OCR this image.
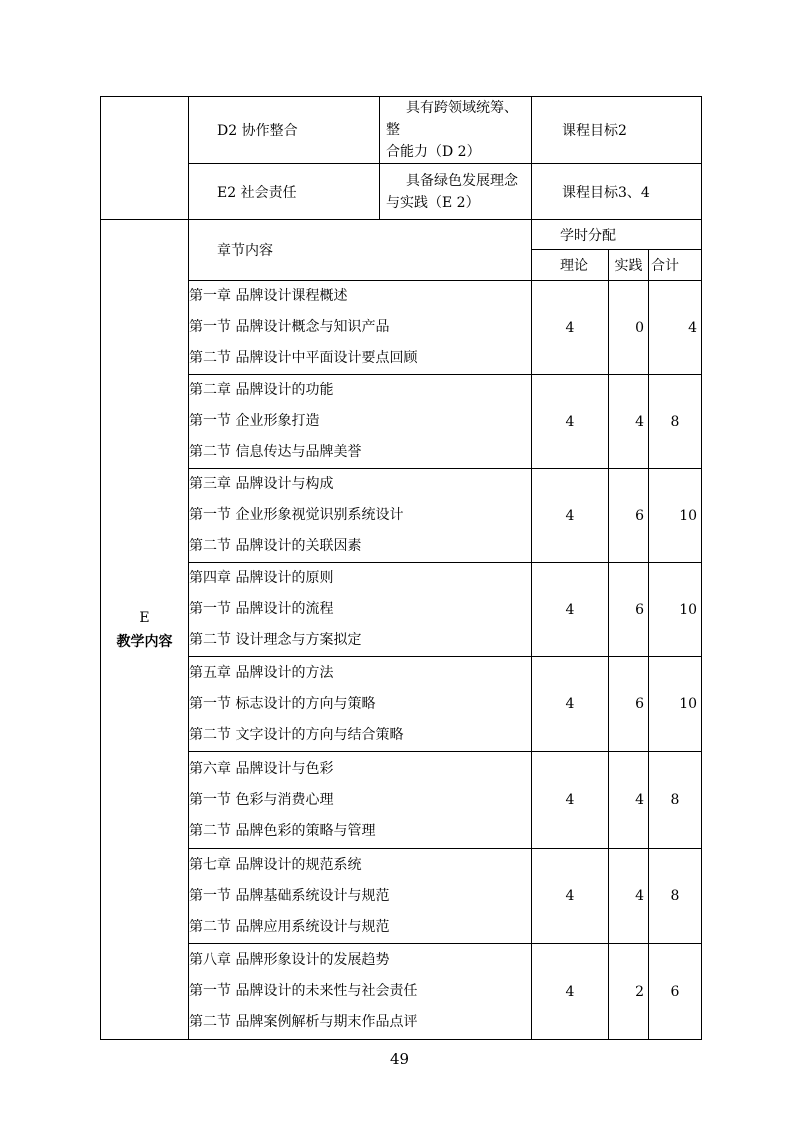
	D2 协作整合	具有跨领域统筹、整
合能力（D 2）	课程目标2		

	E2 社会责任	具备绿色发展理念
与实践（E 2）	课程目标3、4		

E
教学内容	章节内容		学时分配		
			理论	实践	合计

	第一章 品牌设计课程概述
第一节 品牌设计概念与知识产品
第二节 品牌设计中平面设计要点回顾		4	0	4

	第二章 品牌设计的功能
第一节 企业形象打造
第二节 信息传达与品牌美誉		4	4	8

	第三章 品牌设计与构成
第一节 企业形象视觉识别系统设计
第二节 品牌设计的关联因素		4	6	10

	第四章 品牌设计的原则
第一节 品牌设计的流程
第二节 设计理念与方案拟定		4	6	10

	第五章 品牌设计的方法
第一节 标志设计的方向与策略
第二节 文字设计的方向与结合策略		4	6	10

	第六章 品牌设计与色彩
第一节 色彩与消费心理
第二节 品牌色彩的策略与管理		4	4	8

	第七章 品牌设计的规范系统
第一节 品牌基础系统设计与规范
第二节 品牌应用系统设计与规范		4	4	8

	第八章 品牌形象设计的发展趋势
第一节 品牌设计的未来性与社会责任
第二节 品牌案例解析与期末作品点评		4	2	6
49
